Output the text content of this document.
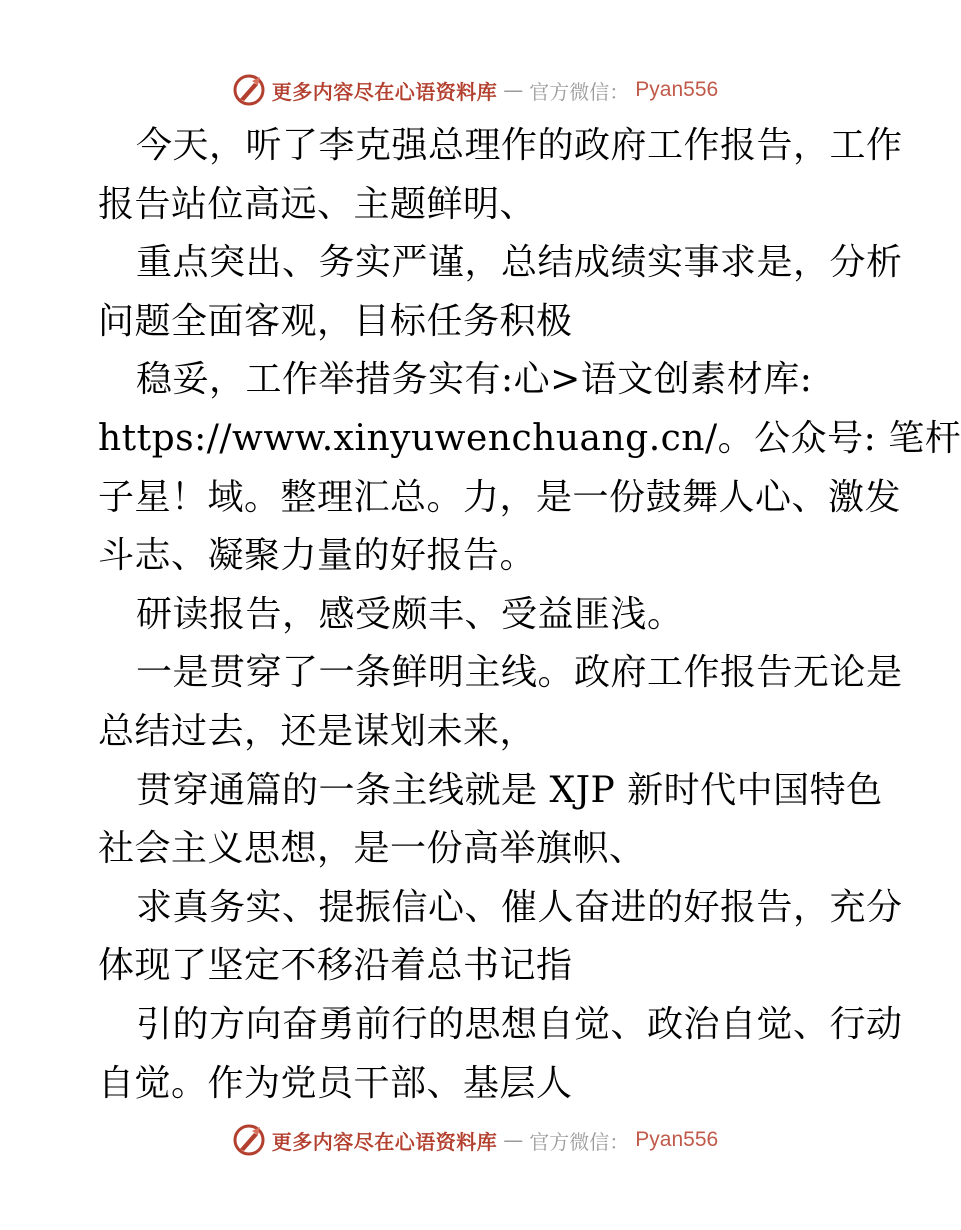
更多内容尽在心语资料库 — 官方微信： Pyan556
今天，听了李克强总理作的政府工作报告，工作
报告站位高远、主题鲜明、
重点突出、务实严谨，总结成绩实事求是，分析
问题全面客观，目标任务积极
稳妥，工作举措务实有:心>语文创素材库:
https://www.xinyuwenchuang.cn/。公众号: 笔杆
子星！域。整理汇总。力，是一份鼓舞人心、激发
斗志、凝聚力量的好报告。
研读报告，感受颇丰、受益匪浅。
一是贯穿了一条鲜明主线。政府工作报告无论是
总结过去，还是谋划未来，
贯穿通篇的一条主线就是 XJP 新时代中国特色
社会主义思想，是一份高举旗帜、
求真务实、提振信心、催人奋进的好报告，充分
体现了坚定不移沿着总书记指
引的方向奋勇前行的思想自觉、政治自觉、行动
自觉。作为党员干部、基层人
更多内容尽在心语资料库 — 官方微信： Pyan556
